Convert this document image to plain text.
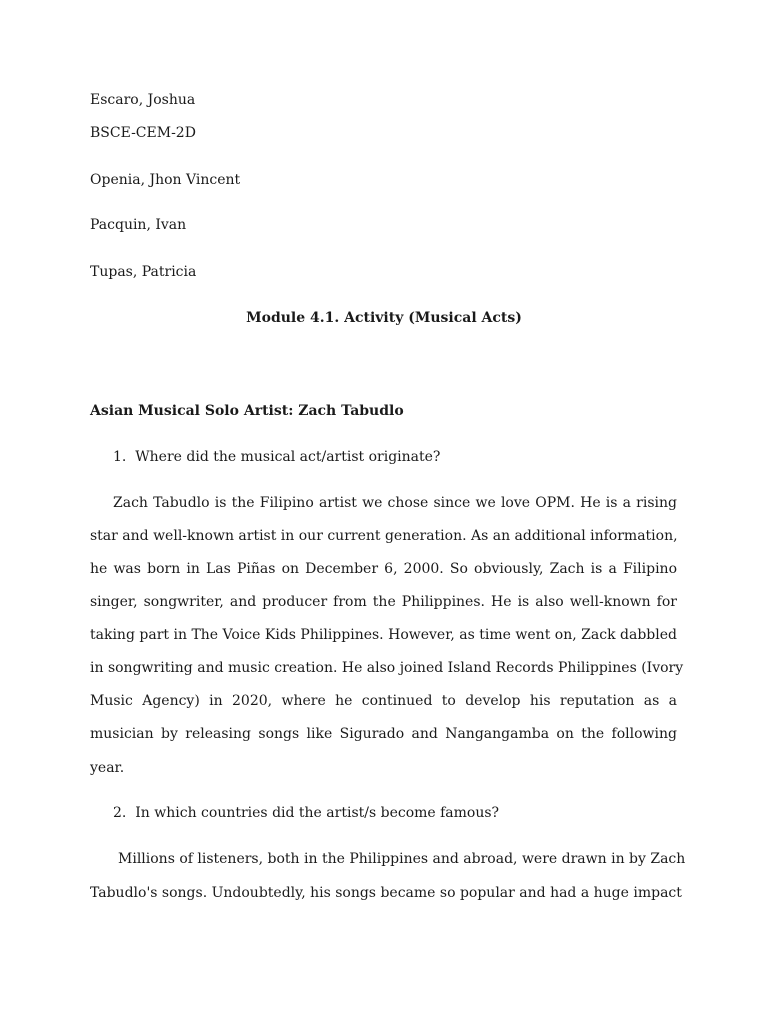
Escaro, Joshua
BSCE-CEM-2D
Openia, Jhon Vincent
Pacquin, Ivan
Tupas, Patricia
Module 4.1. Activity (Musical Acts)
Asian Musical Solo Artist: Zach Tabudlo
1. Where did the musical act/artist originate?
Zach Tabudlo is the Filipino artist we chose since we love OPM. He is a rising
star and well-known artist in our current generation. As an additional information,
he was born in Las Piñas on December 6, 2000. So obviously, Zach is a Filipino
singer, songwriter, and producer from the Philippines. He is also well-known for
taking part in The Voice Kids Philippines. However, as time went on, Zack dabbled
in songwriting and music creation. He also joined Island Records Philippines (Ivory
Music Agency) in 2020, where he continued to develop his reputation as a
musician by releasing songs like Sigurado and Nangangamba on the following
year.
2. In which countries did the artist/s become famous?
Millions of listeners, both in the Philippines and abroad, were drawn in by Zach
Tabudlo's songs. Undoubtedly, his songs became so popular and had a huge impact
